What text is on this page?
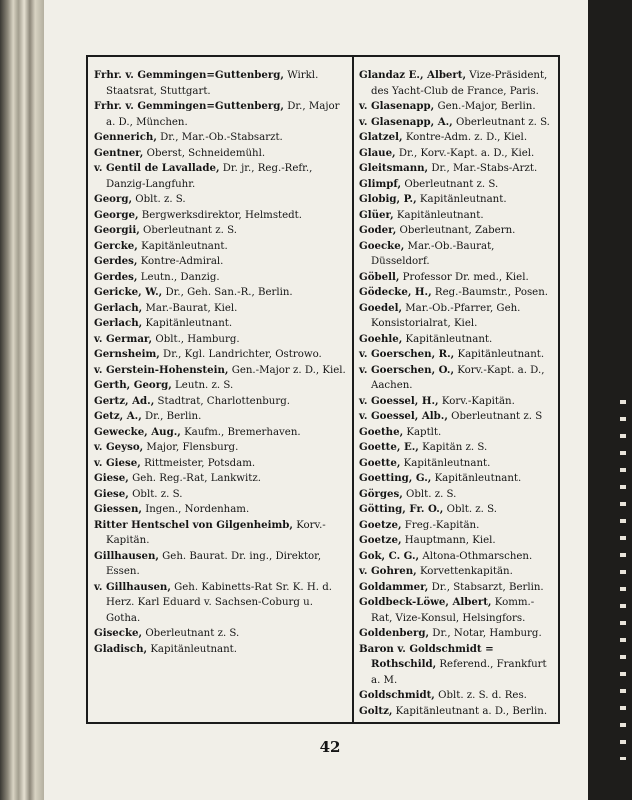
Frhr. v. Gemmingen=Guttenberg, Wirkl. Staatsrat, Stuttgart.

Frhr. v. Gemmingen=Guttenberg, Dr., Major a. D., München.

Gennerich, Dr., Mar.-Ob.-Stabsarzt.

Gentner, Oberst, Schneidemühl.

v. Gentil de Lavallade, Dr. jr., Reg.-Refr., Danzig-Langfuhr.

Georg, Oblt. z. S.

George, Bergwerksdirektor, Helmstedt.

Georgii, Oberleutnant z. S.

Gercke, Kapitänleutnant.

Gerdes, Kontre-Admiral.

Gerdes, Leutn., Danzig.

Gericke, W., Dr., Geh. San.-R., Berlin.

Gerlach, Mar.-Baurat, Kiel.

Gerlach, Kapitänleutnant.

v. Germar, Oblt., Hamburg.

Gernsheim, Dr., Kgl. Landrichter, Ostrowo.

v. Gerstein-Hohenstein, Gen.-Major z. D., Kiel.

Gerth, Georg, Leutn. z. S.

Gertz, Ad., Stadtrat, Charlottenburg.

Getz, A., Dr., Berlin.

Gewecke, Aug., Kaufm., Bremerhaven.

v. Geyso, Major, Flensburg.

v. Giese, Rittmeister, Potsdam.

Giese, Geh. Reg.-Rat, Lankwitz.

Giese, Oblt. z. S.

Giessen, Ingen., Nordenham.

Ritter Hentschel von Gilgenheimb, Korv.-Kapitän.

Gillhausen, Geh. Baurat. Dr. ing., Direktor, Essen.

v. Gillhausen, Geh. Kabinetts-Rat Sr. K. H. d. Herz. Karl Eduard v. Sachsen-Coburg u. Gotha.

Gisecke, Oberleutnant z. S.

Gladisch, Kapitänleutnant.

Glandaz E., Albert, Vize-Präsident, des Yacht-Club de France, Paris.

v. Glasenapp, Gen.-Major, Berlin.

v. Glasenapp, A., Oberleutnant z. S.

Glatzel, Kontre-Adm. z. D., Kiel.

Glaue, Dr., Korv.-Kapt. a. D., Kiel.

Gleitsmann, Dr., Mar.-Stabs-Arzt.

Glimpf, Oberleutnant z. S.

Globig, P., Kapitänleutnant.

Glüer, Kapitänleutnant.

Goder, Oberleutnant, Zabern.

Goecke, Mar.-Ob.-Baurat, Düsseldorf.

Göbell, Professor Dr. med., Kiel.

Gödecke, H., Reg.-Baumstr., Posen.

Goedel, Mar.-Ob.-Pfarrer, Geh. Konsistorialrat, Kiel.

Goehle, Kapitänleutnant.

v. Goerschen, R., Kapitänleutnant.

v. Goerschen, O., Korv.-Kapt. a. D., Aachen.

v. Goessel, H., Korv.-Kapitän.

v. Goessel, Alb., Oberleutnant z. S

Goethe, Kaptlt.

Goette, E., Kapitän z. S.

Goette, Kapitänleutnant.

Goetting, G., Kapitänleutnant.

Görges, Oblt. z. S.

Götting, Fr. O., Oblt. z. S.

Goetze, Freg.-Kapitän.

Goetze, Hauptmann, Kiel.

Gok, C. G., Altona-Othmarschen.

v. Gohren, Korvettenkapitän.

Goldammer, Dr., Stabsarzt, Berlin.

Goldbeck-Löwe, Albert, Komm.-Rat, Vize-Konsul, Helsingfors.

Goldenberg, Dr., Notar, Hamburg.

Baron v. Goldschmidt = Rothschild, Referend., Frankfurt a. M.

Goldschmidt, Oblt. z. S. d. Res.

Goltz, Kapitänleutnant a. D., Berlin.

42
